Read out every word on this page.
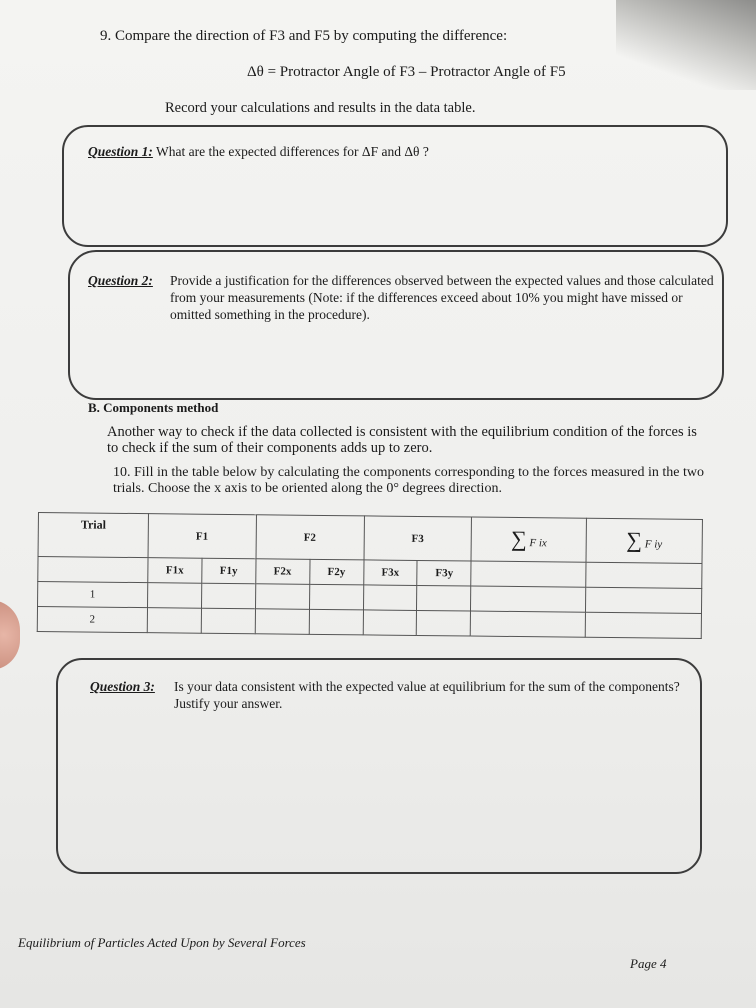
9. Compare the direction of F3 and F5 by computing the difference:
Δθ = Protractor Angle of F3 – Protractor Angle of F5
Record your calculations and results in the data table.
Question 1: What are the expected differences for ΔF and Δθ ?
Question 2:	Provide a justification for the differences observed between the expected values and those calculated from your measurements (Note: if the differences exceed about 10% you might have missed or omitted something in the procedure).
B. Components method
Another way to check if the data collected is consistent with the equilibrium condition of the forces is to check if the sum of their components adds up to zero.
10. Fill in the table below by calculating the components corresponding to the forces measured in the two trials. Choose the x axis to be oriented along the 0° degrees direction.
Trial	F1		F2		F3		∑ F ix	∑ F iy
	F1x	F1y	F2x	F2y	F3x	F3y		
1								
2								
Question 3:	Is your data consistent with the expected value at equilibrium for the sum of the components? Justify your answer.
Equilibrium of Particles Acted Upon by Several Forces
Page 4
